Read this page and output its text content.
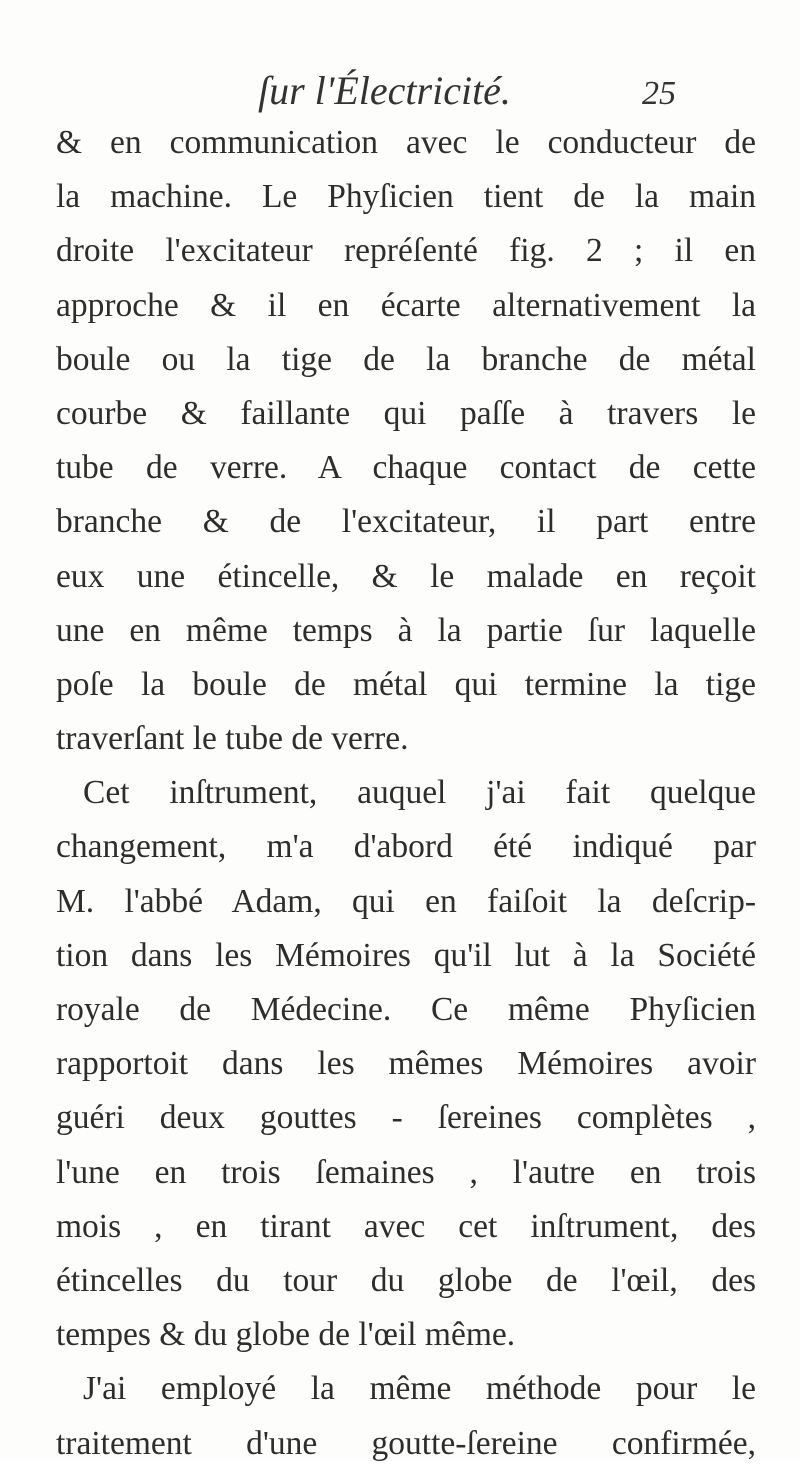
ſur l'Électricité.	25
& en communication avec le conducteur de
la machine. Le Phyſicien tient de la main
droite l'excitateur repréſenté fig. 2 ; il en
approche & il en écarte alternativement la
boule ou la tige de la branche de métal
courbe & faillante qui paſſe à travers le
tube de verre. A chaque contact de cette
branche & de l'excitateur, il part entre
eux une étincelle, & le malade en reçoit
une en même temps à la partie ſur laquelle
poſe la boule de métal qui termine la tige
traverſant le tube de verre.
Cet inſtrument, auquel j'ai fait quelque
changement, m'a d'abord été indiqué par
M. l'abbé Adam, qui en faiſoit la deſcrip-
tion dans les Mémoires qu'il lut à la Société
royale de Médecine. Ce même Phyſicien
rapportoit dans les mêmes Mémoires avoir
guéri deux gouttes - ſereines complètes ,
l'une en trois ſemaines , l'autre en trois
mois , en tirant avec cet inſtrument, des
étincelles du tour du globe de l'œil, des
tempes & du globe de l'œil même.
J'ai employé la même méthode pour le
traitement d'une goutte-ſereine confirmée,
